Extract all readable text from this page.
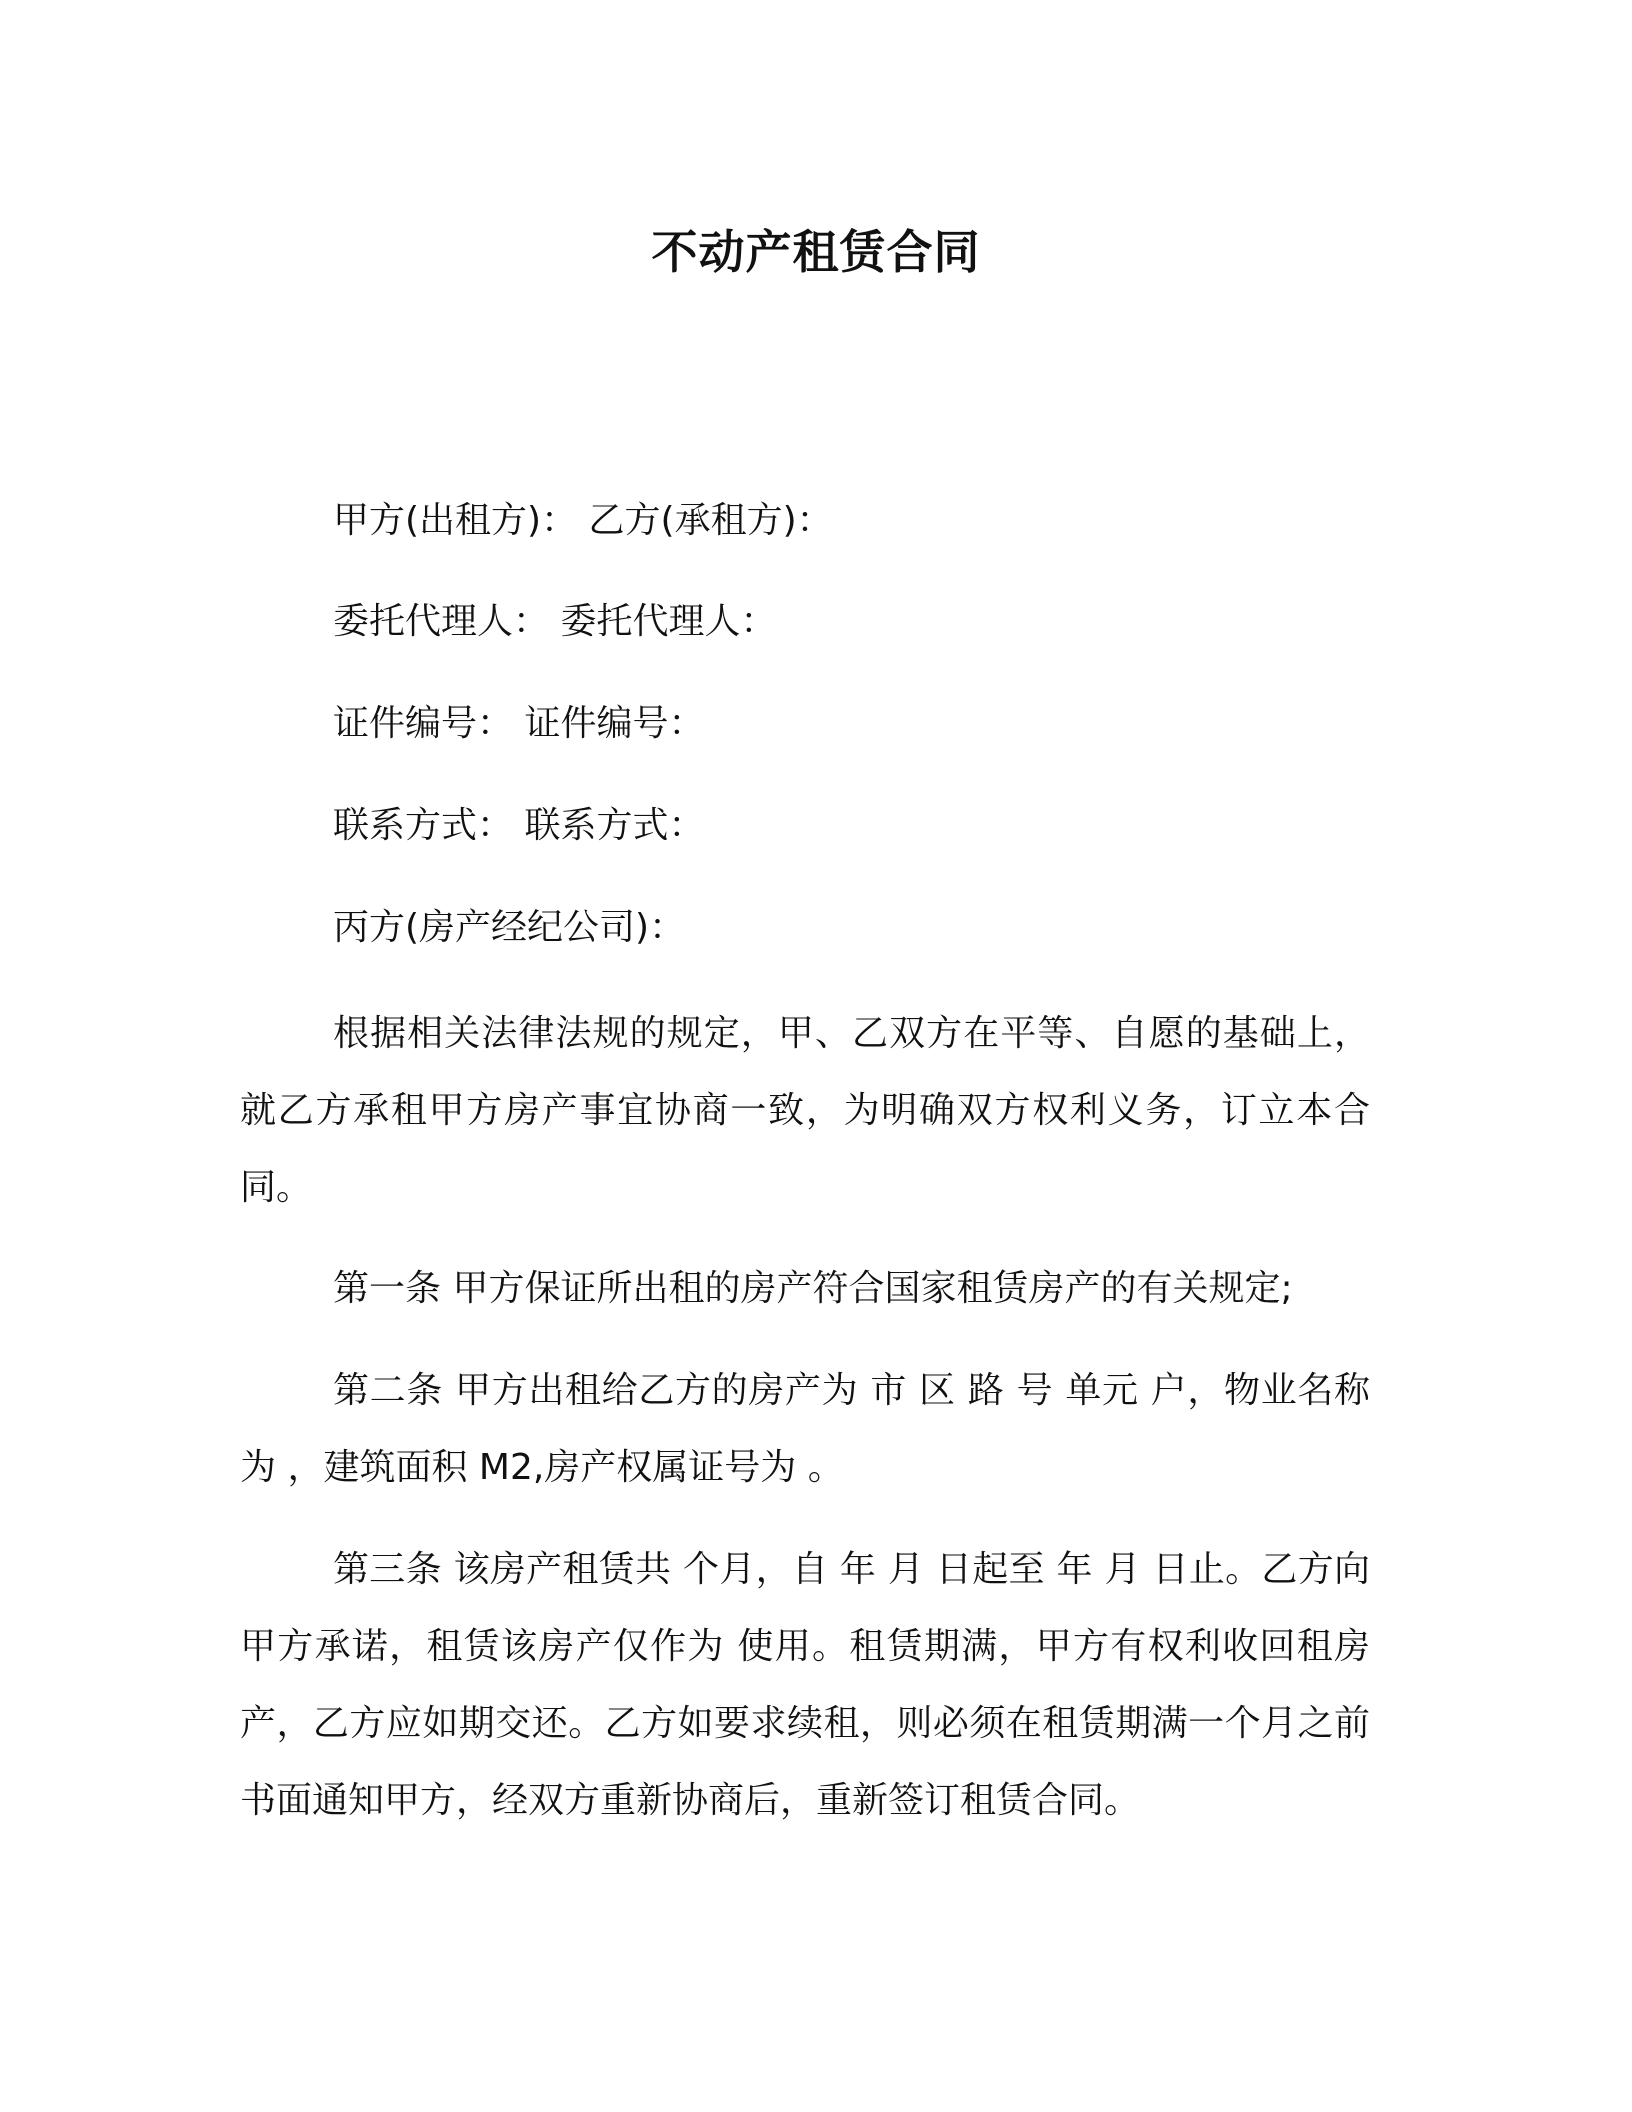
不动产租赁合同
甲方(出租方)： 乙方(承租方)：
委托代理人： 委托代理人：
证件编号： 证件编号：
联系方式： 联系方式：
丙方(房产经纪公司)：

根据相关法律法规的规定，甲、乙双方在平等、自愿的基础上，就乙方承租甲方房产事宜协商一致，为明确双方权利义务，订立本合同。

第一条 甲方保证所出租的房产符合国家租赁房产的有关规定;

第二条 甲方出租给乙方的房产为 市 区 路 号 单元 户，物业名称为 ，建筑面积 M2,房产权属证号为 。

第三条 该房产租赁共 个月，自 年 月 日起至 年 月 日止。乙方向甲方承诺，租赁该房产仅作为 使用。租赁期满，甲方有权利收回租房产，乙方应如期交还。乙方如要求续租，则必须在租赁期满一个月之前书面通知甲方，经双方重新协商后，重新签订租赁合同。
